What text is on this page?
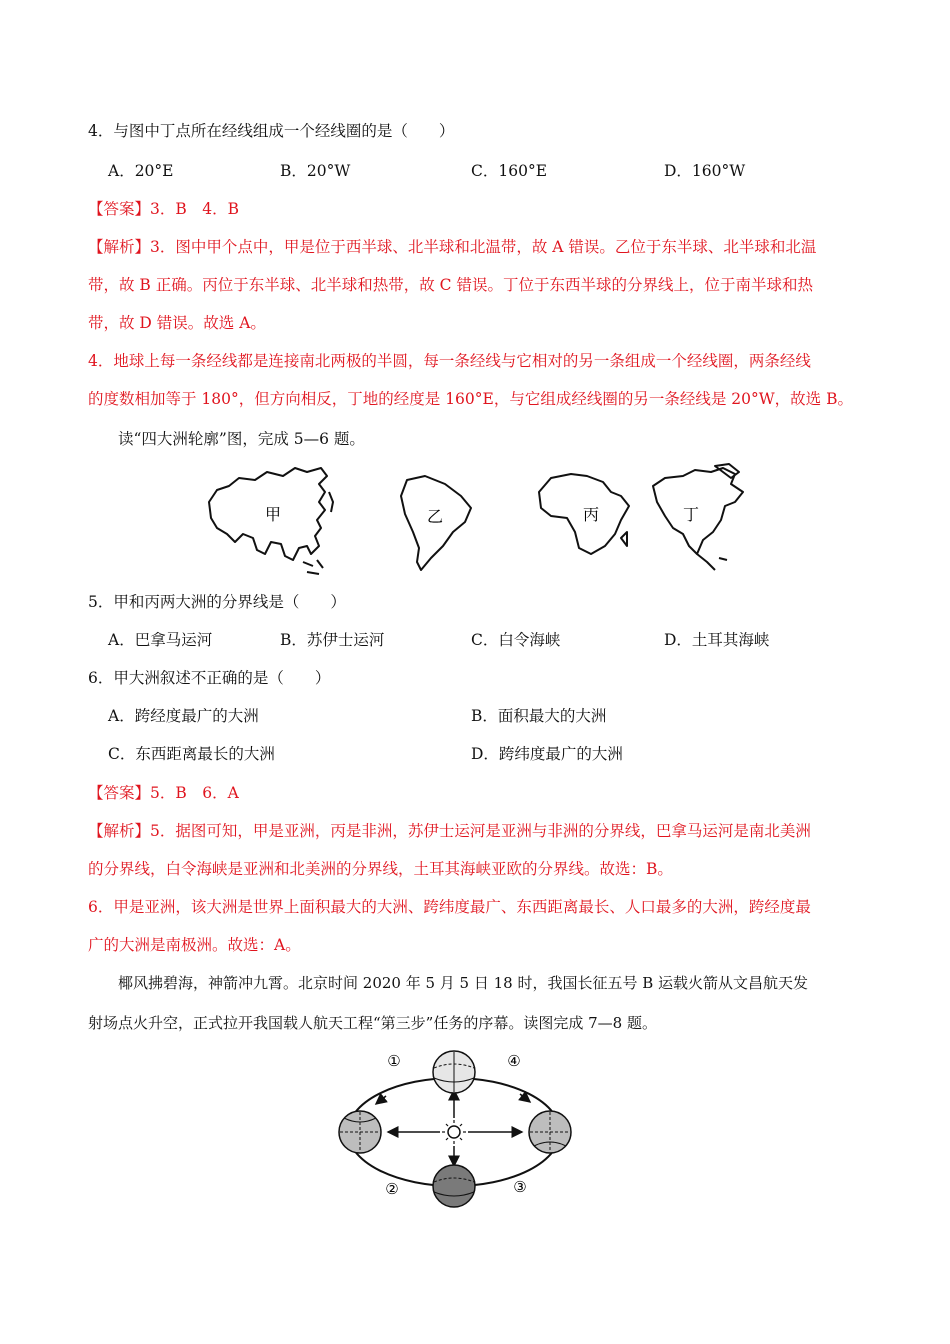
4．与图中丁点所在经线组成一个经线圈的是（　　）
A．20°E	B．20°W	C．160°E	D．160°W
【答案】3．B　4．B
【解析】3．图中甲个点中，甲是位于西半球、北半球和北温带，故 A 错误。乙位于东半球、北半球和北温
带，故 B 正确。丙位于东半球、北半球和热带，故 C 错误。丁位于东西半球的分界线上，位于南半球和热
带，故 D 错误。故选 A。
4．地球上每一条经线都是连接南北两极的半圆，每一条经线与它相对的另一条组成一个经线圈，两条经线
的度数相加等于 180°，但方向相反，丁地的经度是 160°E，与它组成经线圈的另一条经线是 20°W，故选 B。
读“四大洲轮廓”图，完成 5—6 题。
甲	乙	丙	丁
5．甲和丙两大洲的分界线是（　　）
A．巴拿马运河	B．苏伊士运河	C．白令海峡	D．土耳其海峡
6．甲大洲叙述不正确的是（　　）
A．跨经度最广的大洲	B．面积最大的大洲
C．东西距离最长的大洲	D．跨纬度最广的大洲
【答案】5．B　6．A
【解析】5．据图可知，甲是亚洲，丙是非洲，苏伊士运河是亚洲与非洲的分界线，巴拿马运河是南北美洲
的分界线，白令海峡是亚洲和北美洲的分界线，土耳其海峡亚欧的分界线。故选：B。
6．甲是亚洲，该大洲是世界上面积最大的大洲、跨纬度最广、东西距离最长、人口最多的大洲，跨经度最
广的大洲是南极洲。故选：A。
椰风拂碧海，神箭冲九霄。北京时间 2020 年 5 月 5 日 18 时，我国长征五号 B 运载火箭从文昌航天发
射场点火升空，正式拉开我国载人航天工程“第三步”任务的序幕。读图完成 7—8 题。
①	④
②	③
